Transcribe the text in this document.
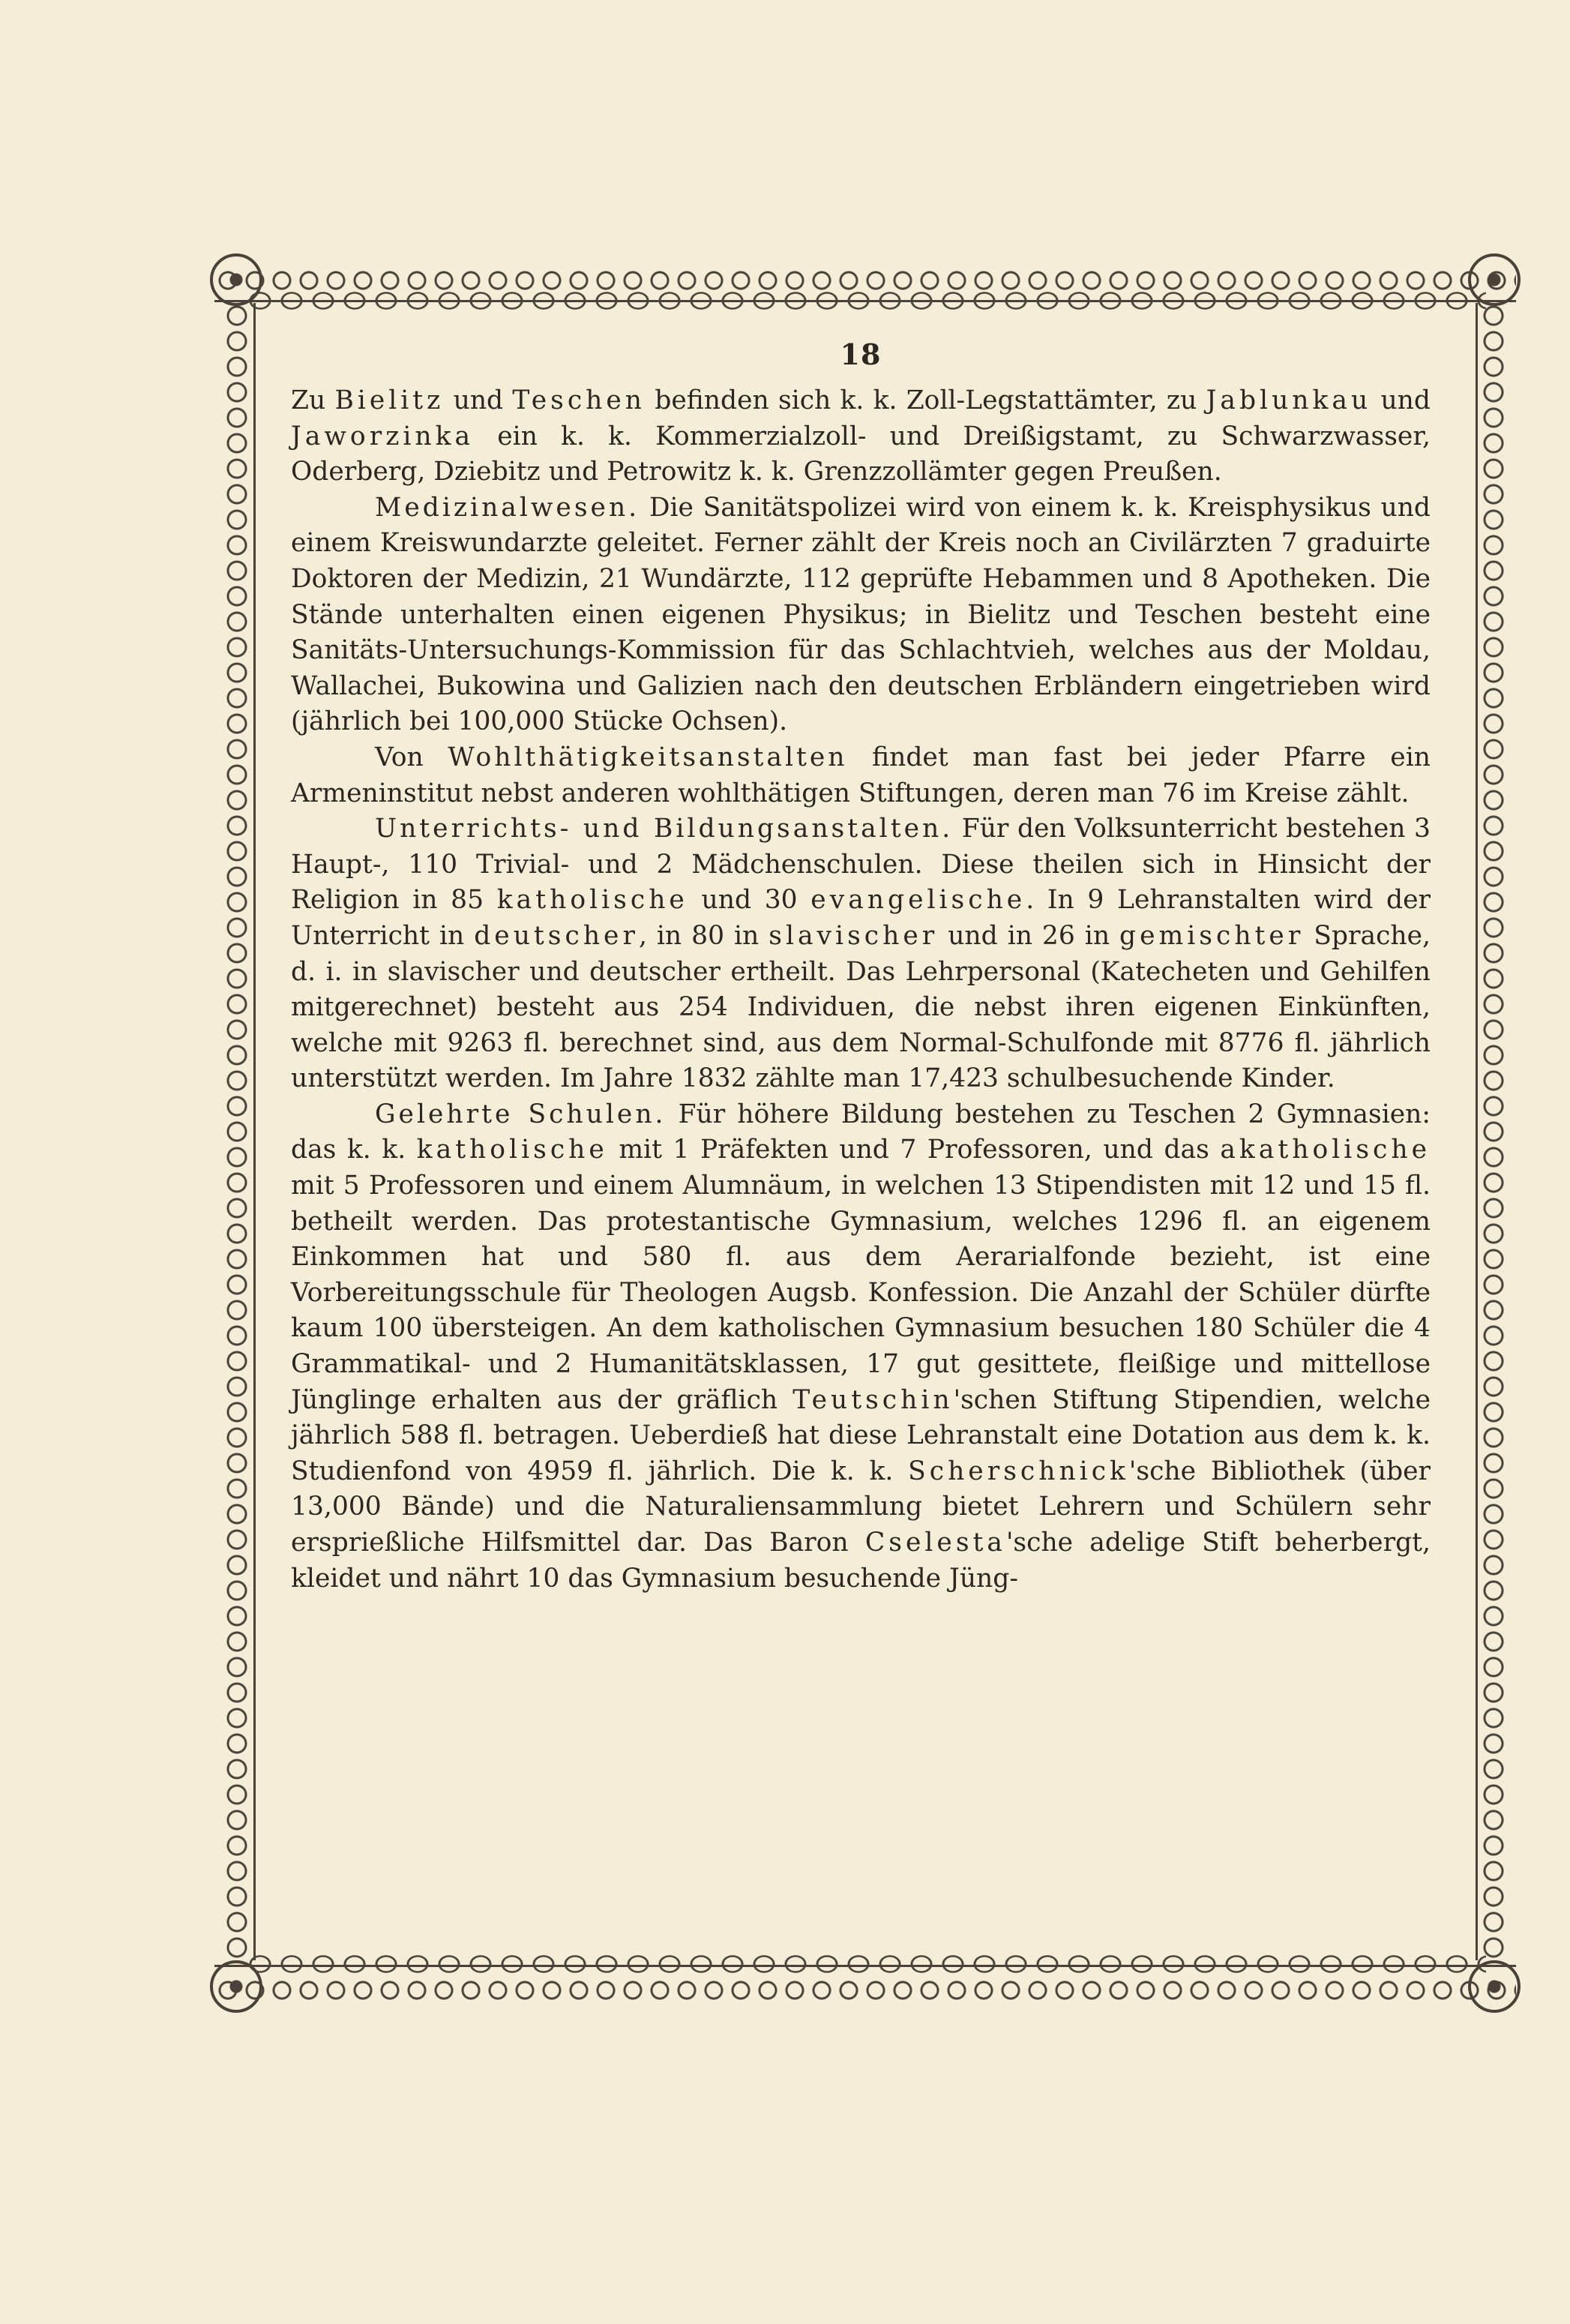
18

Zu Bielitz und Teschen befinden sich k. k. Zoll-Legstattämter, zu Jablunkau und Jaworzinka ein k. k. Kommerzialzoll- und Dreißigstamt, zu Schwarzwasser, Oderberg, Dziebitz und Petrowitz k. k. Grenzzollämter gegen Preußen.

Medizinalwesen. Die Sanitätspolizei wird von einem k. k. Kreisphysikus und einem Kreiswundarzte geleitet. Ferner zählt der Kreis noch an Civilärzten 7 graduirte Doktoren der Medizin, 21 Wundärzte, 112 geprüfte Hebammen und 8 Apotheken. Die Stände unterhalten einen eigenen Physikus; in Bielitz und Teschen besteht eine Sanitäts-Untersuchungs-Kommission für das Schlachtvieh, welches aus der Moldau, Wallachei, Bukowina und Galizien nach den deutschen Erbländern eingetrieben wird (jährlich bei 100,000 Stücke Ochsen).

Von Wohlthätigkeitsanstalten findet man fast bei jeder Pfarre ein Armeninstitut nebst anderen wohlthätigen Stiftungen, deren man 76 im Kreise zählt.

Unterrichts- und Bildungsanstalten. Für den Volksunterricht bestehen 3 Haupt-, 110 Trivial- und 2 Mädchenschulen. Diese theilen sich in Hinsicht der Religion in 85 katholische und 30 evangelische. In 9 Lehranstalten wird der Unterricht in deutscher, in 80 in slavischer und in 26 in gemischter Sprache, d. i. in slavischer und deutscher ertheilt. Das Lehrpersonal (Katecheten und Gehilfen mitgerechnet) besteht aus 254 Individuen, die nebst ihren eigenen Einkünften, welche mit 9263 fl. berechnet sind, aus dem Normal-Schulfonde mit 8776 fl. jährlich unterstützt werden. Im Jahre 1832 zählte man 17,423 schulbesuchende Kinder.

Gelehrte Schulen. Für höhere Bildung bestehen zu Teschen 2 Gymnasien: das k. k. katholische mit 1 Präfekten und 7 Professoren, und das akatholische mit 5 Professoren und einem Alumnäum, in welchen 13 Stipendisten mit 12 und 15 fl. betheilt werden. Das protestantische Gymnasium, welches 1296 fl. an eigenem Einkommen hat und 580 fl. aus dem Aerarialfonde bezieht, ist eine Vorbereitungsschule für Theologen Augsb. Konfession. Die Anzahl der Schüler dürfte kaum 100 übersteigen. An dem katholischen Gymnasium besuchen 180 Schüler die 4 Grammatikal- und 2 Humanitätsklassen, 17 gut gesittete, fleißige und mittellose Jünglinge erhalten aus der gräflich Teutschin'schen Stiftung Stipendien, welche jährlich 588 fl. betragen. Ueberdieß hat diese Lehranstalt eine Dotation aus dem k. k. Studienfond von 4959 fl. jährlich. Die k. k. Scherschnick'sche Bibliothek (über 13,000 Bände) und die Naturaliensammlung bietet Lehrern und Schülern sehr ersprießliche Hilfsmittel dar. Das Baron Cselesta'sche adelige Stift beherbergt, kleidet und nährt 10 das Gymnasium besuchende Jüng-
